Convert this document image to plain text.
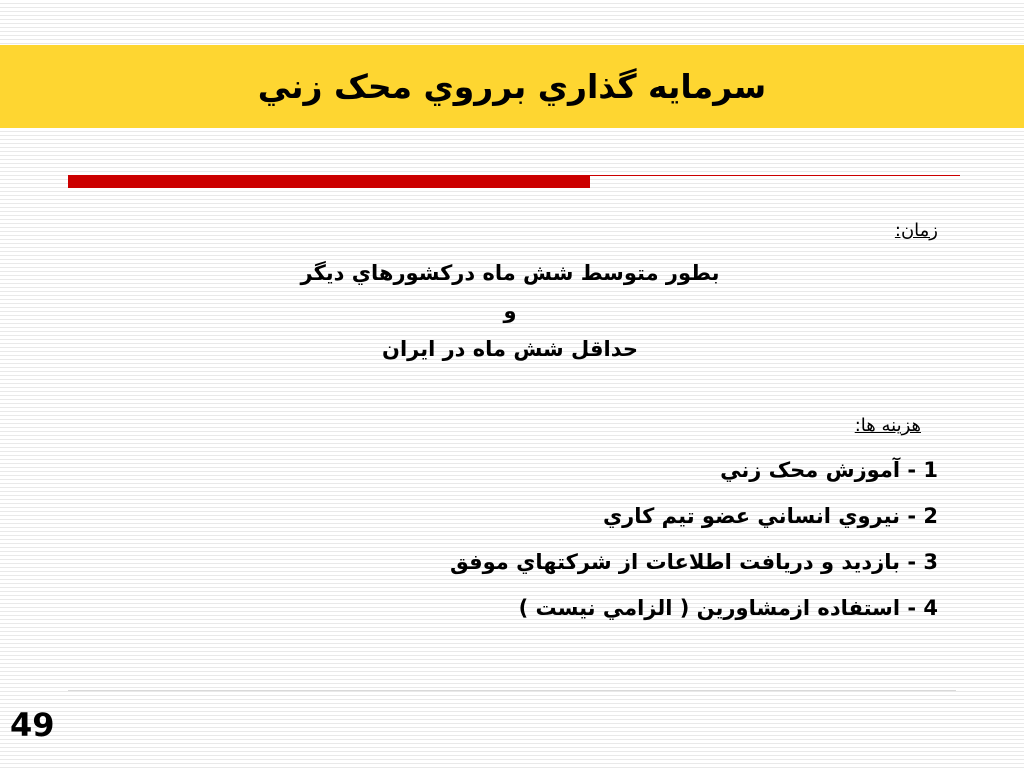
سرمايه گذاري برروي محک زني
زمان:
بطور متوسط شش ماه درکشورهاي ديگر
و
حداقل شش ماه در ایران
هزینه ها:
1 - آموزش محک زني
2 - نیروي انساني عضو تیم کاري
3 - بازدید و دریافت اطلاعات از شرکتهاي موفق
4 - استفاده ازمشاورين ( الزامي نيست )
49
